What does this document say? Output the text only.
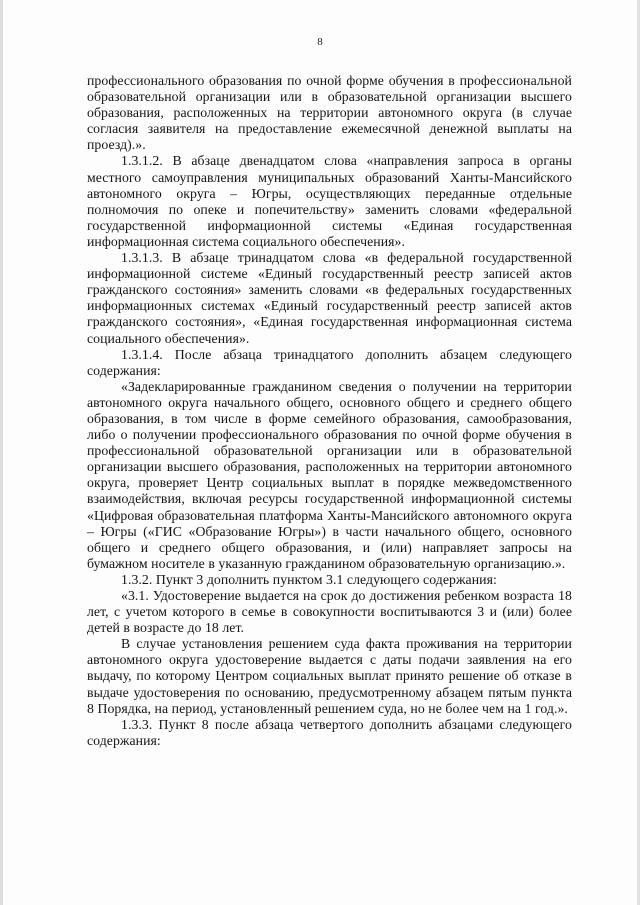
8

профессионального образования по очной форме обучения в профессиональной образовательной организации или в образовательной организации высшего образования, расположенных на территории автономного округа (в случае согласия заявителя на предоставление ежемесячной денежной выплаты на проезд).».

1.3.1.2. В абзаце двенадцатом слова «направления запроса в органы местного самоуправления муниципальных образований Ханты-Мансийского автономного округа – Югры, осуществляющих переданные отдельные полномочия по опеке и попечительству» заменить словами «федеральной государственной информационной системы «Единая государственная информационная система социального обеспечения».

1.3.1.3. В абзаце тринадцатом слова «в федеральной государственной информационной системе «Единый государственный реестр записей актов гражданского состояния» заменить словами «в федеральных государственных информационных системах «Единый государственный реестр записей актов гражданского состояния», «Единая государственная информационная система социального обеспечения».

1.3.1.4. После абзаца тринадцатого дополнить абзацем следующего содержания:

«Задекларированные гражданином сведения о получении на территории автономного округа начального общего, основного общего и среднего общего образования, в том числе в форме семейного образования, самообразования, либо о получении профессионального образования по очной форме обучения в профессиональной образовательной организации или в образовательной организации высшего образования, расположенных на территории автономного округа, проверяет Центр социальных выплат в порядке межведомственного взаимодействия, включая ресурсы государственной информационной системы «Цифровая образовательная платформа Ханты-Мансийского автономного округа – Югры («ГИС «Образование Югры») в части начального общего, основного общего и среднего общего образования, и (или) направляет запросы на бумажном носителе в указанную гражданином образовательную организацию.».

1.3.2. Пункт 3 дополнить пунктом 3.1 следующего содержания:

«3.1. Удостоверение выдается на срок до достижения ребенком возраста 18 лет, с учетом которого в семье в совокупности воспитываются 3 и (или) более детей в возрасте до 18 лет.

В случае установления решением суда факта проживания на территории автономного округа удостоверение выдается с даты подачи заявления на его выдачу, по которому Центром социальных выплат принято решение об отказе в выдаче удостоверения по основанию, предусмотренному абзацем пятым пункта 8 Порядка, на период, установленный решением суда, но не более чем на 1 год.».

1.3.3. Пункт 8 после абзаца четвертого дополнить абзацами следующего содержания:
